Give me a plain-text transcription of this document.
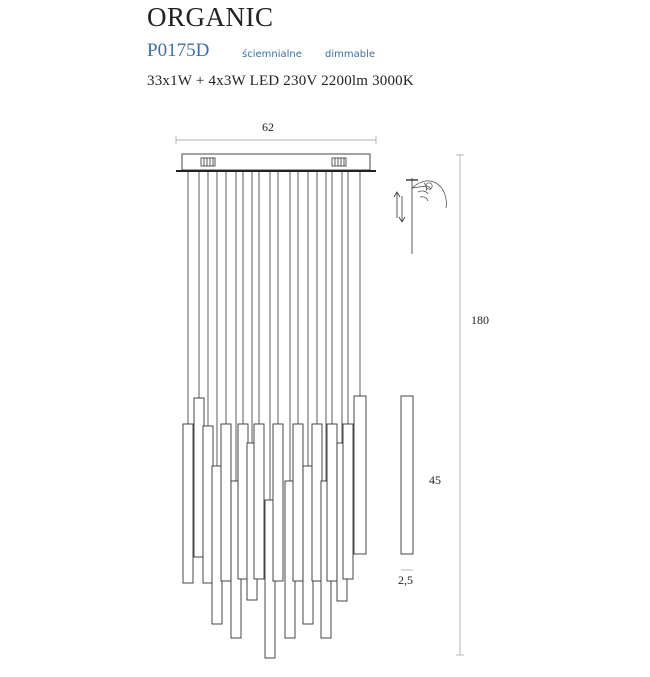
ORGANIC
P0175D	ściemnialne dimmable
33x1W + 4x3W LED 230V 2200lm 3000K
62
180
45
2,5
